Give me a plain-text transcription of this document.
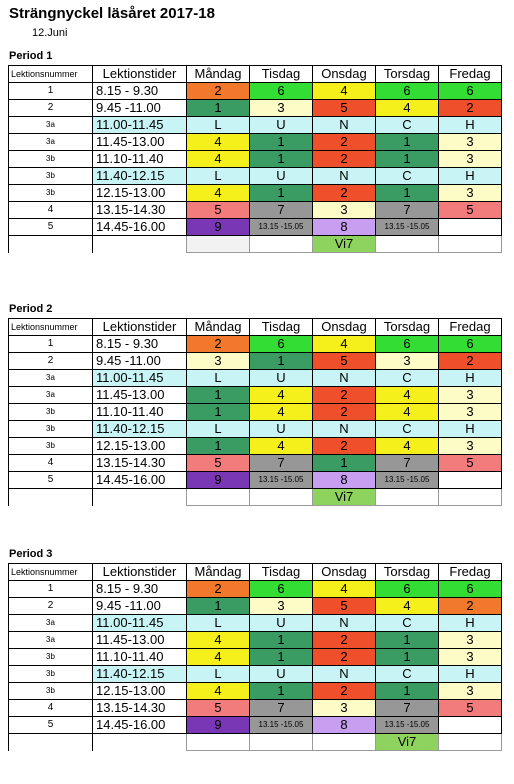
Strängnyckel läsåret 2017-18
12.Juni
Period 1
Lektionsnummer	Lektionstider	Måndag	Tisdag	Onsdag	Torsdag	Fredag
1	8.15 - 9.30	2	6	4	6	6
2	9.45 -11.00	1	3	5	4	2
3a	11.00-11.45	L	U	N	C	H
3a	11.45-13.00	4	1	2	1	3
3b	11.10-11.40	4	1	2	1	3
3b	11.40-12.15	L	U	N	C	H
3b	12.15-13.00	4	1	2	1	3
4	13.15-14.30	5	7	3	7	5
5	14.45-16.00	9	13.15 -15.05	8	13.15 -15.05	
				Vi7		
Period 2
Lektionsnummer	Lektionstider	Måndag	Tisdag	Onsdag	Torsdag	Fredag
1	8.15 - 9.30	2	6	4	6	6
2	9.45 -11.00	3	1	5	3	2
3a	11.00-11.45	L	U	N	C	H
3a	11.45-13.00	1	4	2	4	3
3b	11.10-11.40	1	4	2	4	3
3b	11.40-12.15	L	U	N	C	H
3b	12.15-13.00	1	4	2	4	3
4	13.15-14.30	5	7	1	7	5
5	14.45-16.00	9	13.15 -15.05	8	13.15 -15.05	
				Vi7		
Period 3
Lektionsnummer	Lektionstider	Måndag	Tisdag	Onsdag	Torsdag	Fredag
1	8.15 - 9.30	2	6	4	6	6
2	9.45 -11.00	1	3	5	4	2
3a	11.00-11.45	L	U	N	C	H
3a	11.45-13.00	4	1	2	1	3
3b	11.10-11.40	4	1	2	1	3
3b	11.40-12.15	L	U	N	C	H
3b	12.15-13.00	4	1	2	1	3
4	13.15-14.30	5	7	3	7	5
5	14.45-16.00	9	13.15 -15.05	8	13.15 -15.05	
					Vi7	
